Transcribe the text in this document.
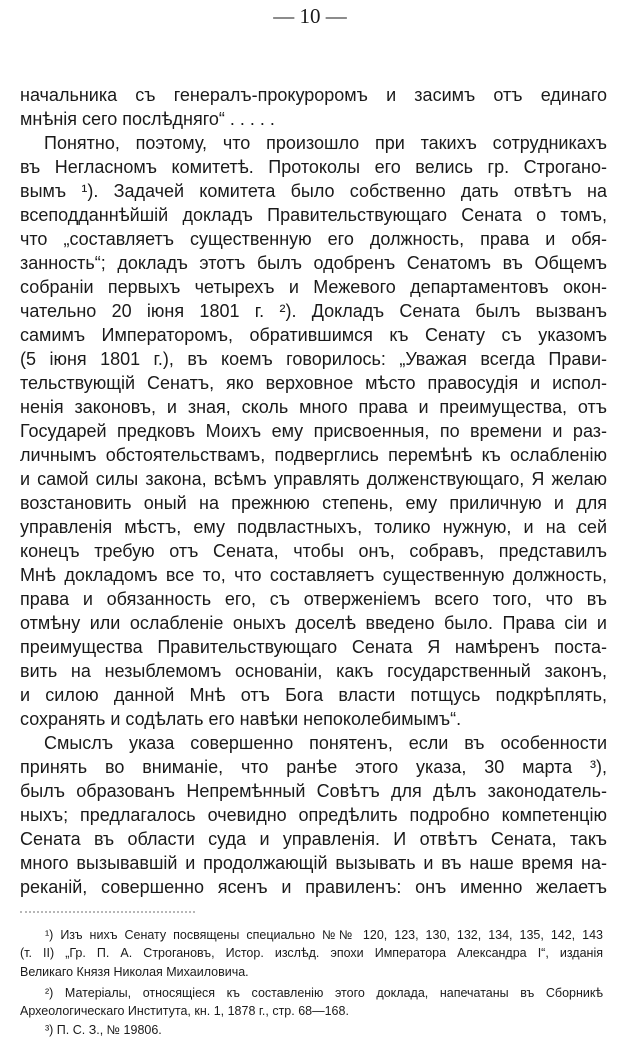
— 10 —
начальника съ генералъ-прокуроромъ и засимъ отъ единаго
мнѣнія сего послѣдняго“ . . . . .
Понятно, поэтому, что произошло при такихъ сотрудникахъ
въ Негласномъ комитетѣ. Протоколы его велись гр. Строгано-
вымъ ¹). Задачей комитета было собственно дать отвѣтъ на
всеподданнѣйшій докладъ Правительствующаго Сената о томъ,
что „составляетъ существенную его должность, права и обя-
занность“; докладъ этотъ былъ одобренъ Сенатомъ въ Общемъ
собраніи первыхъ четырехъ и Межевого департаментовъ окон-
чательно 20 іюня 1801 г. ²). Докладъ Сената былъ вызванъ
самимъ Императоромъ, обратившимся къ Сенату съ указомъ
(5 іюня 1801 г.), въ коемъ говорилось: „Уважая всегда Прави-
тельствующій Сенатъ, яко верховное мѣсто правосудія и испол-
ненія законовъ, и зная, сколь много права и преимущества, отъ
Государей предковъ Моихъ ему присвоенныя, по времени и раз-
личнымъ обстоятельствамъ, подверглись перемѣнѣ къ ослабленію
и самой силы закона, всѣмъ управлять долженствующаго, Я желаю
возстановить оный на прежнюю степень, ему приличную и для
управленія мѣстъ, ему подвластныхъ, толико нужную, и на сей
конецъ требую отъ Сената, чтобы онъ, собравъ, представилъ
Мнѣ докладомъ все то, что составляетъ существенную должность,
права и обязанность его, съ отверженіемъ всего того, что въ
отмѣну или ослабленіе оныхъ доселѣ введено было. Права сіи и
преимущества Правительствующаго Сената Я намѣренъ поста-
вить на незыблемомъ основаніи, какъ государственный законъ,
и силою данной Мнѣ отъ Бога власти потщусь подкрѣплять,
сохранять и содѣлать его навѣки непоколебимымъ“.
Смыслъ указа совершенно понятенъ, если въ особенности
принять во вниманіе, что ранѣе этого указа, 30 марта ³),
былъ образованъ Непремѣнный Совѣтъ для дѣлъ законодатель-
ныхъ; предлагалось очевидно опредѣлить подробно компетенцію
Сената въ области суда и управленія. И отвѣтъ Сената, такъ
много вызывавшій и продолжающій вызывать и въ наше время на-
реканій, совершенно ясенъ и правиленъ: онъ именно желаетъ
¹) Изъ нихъ Сенату посвящены специально №№ 120, 123, 130, 132, 134, 135, 142, 143
(т. II) „Гр. П. А. Строгановъ, Истор. изслѣд. эпохи Императора Александра I“, изданія
Великаго Князя Николая Михаиловича.
²) Матеріалы, относящіеся къ составленію этого доклада, напечатаны въ Сборникѣ
Археологическаго Института, кн. 1, 1878 г., стр. 68—168.
³) П. С. З., № 19806.
